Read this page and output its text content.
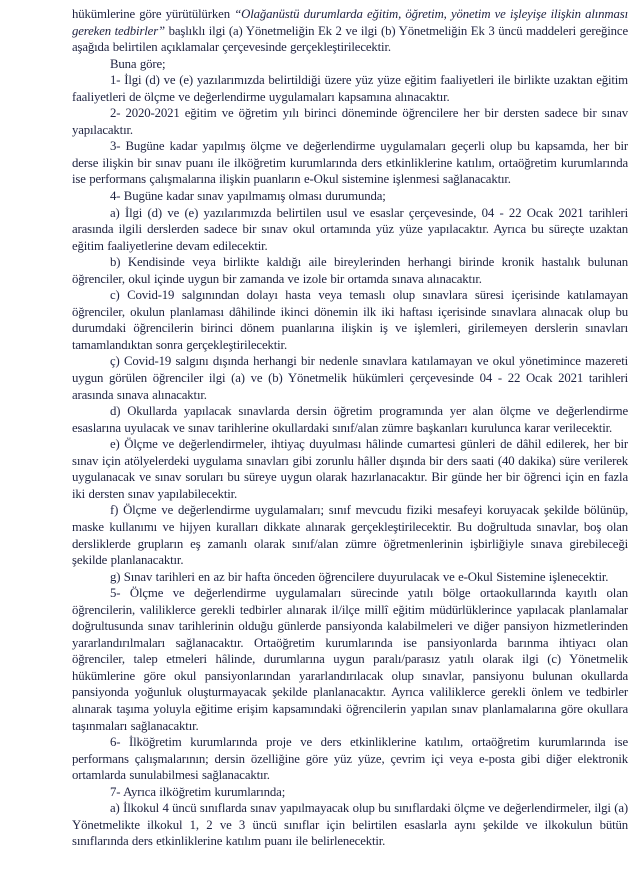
hükümlerine göre yürütülürken “Olağanüstü durumlarda eğitim, öğretim, yönetim ve işleyişe ilişkin alınması gereken tedbirler” başlıklı ilgi (a) Yönetmeliğin Ek 2 ve ilgi (b) Yönetmeliğin Ek 3 üncü maddeleri gereğince aşağıda belirtilen açıklamalar çerçevesinde gerçekleştirilecektir.

Buna göre;

1- İlgi (d) ve (e) yazılarımızda belirtildiği üzere yüz yüze eğitim faaliyetleri ile birlikte uzaktan eğitim faaliyetleri de ölçme ve değerlendirme uygulamaları kapsamına alınacaktır.

2- 2020-2021 eğitim ve öğretim yılı birinci döneminde öğrencilere her bir dersten sadece bir sınav yapılacaktır.

3- Bugüne kadar yapılmış ölçme ve değerlendirme uygulamaları geçerli olup bu kapsamda, her bir derse ilişkin bir sınav puanı ile ilköğretim kurumlarında ders etkinliklerine katılım, ortaöğretim kurumlarında ise performans çalışmalarına ilişkin puanların e-Okul sistemine işlenmesi sağlanacaktır.

4- Bugüne kadar sınav yapılmamış olması durumunda;

a) İlgi (d) ve (e) yazılarımızda belirtilen usul ve esaslar çerçevesinde, 04 - 22 Ocak 2021 tarihleri arasında ilgili derslerden sadece bir sınav okul ortamında yüz yüze yapılacaktır. Ayrıca bu süreçte uzaktan eğitim faaliyetlerine devam edilecektir.

b) Kendisinde veya birlikte kaldığı aile bireylerinden herhangi birinde kronik hastalık bulunan öğrenciler, okul içinde uygun bir zamanda ve izole bir ortamda sınava alınacaktır.

c) Covid-19 salgınından dolayı hasta veya temaslı olup sınavlara süresi içerisinde katılamayan öğrenciler, okulun planlaması dâhilinde ikinci dönemin ilk iki haftası içerisinde sınavlara alınacak olup bu durumdaki öğrencilerin birinci dönem puanlarına ilişkin iş ve işlemleri, girilemeyen derslerin sınavları tamamlandıktan sonra gerçekleştirilecektir.

ç) Covid-19 salgını dışında herhangi bir nedenle sınavlara katılamayan ve okul yönetimince mazereti uygun görülen öğrenciler ilgi (a) ve (b) Yönetmelik hükümleri çerçevesinde 04 - 22 Ocak 2021 tarihleri arasında sınava alınacaktır.

d) Okullarda yapılacak sınavlarda dersin öğretim programında yer alan ölçme ve değerlendirme esaslarına uyulacak ve sınav tarihlerine okullardaki sınıf/alan zümre başkanları kurulunca karar verilecektir.

e) Ölçme ve değerlendirmeler, ihtiyaç duyulması hâlinde cumartesi günleri de dâhil edilerek, her bir sınav için atölyelerdeki uygulama sınavları gibi zorunlu hâller dışında bir ders saati (40 dakika) süre verilerek uygulanacak ve sınav soruları bu süreye uygun olarak hazırlanacaktır. Bir günde her bir öğrenci için en fazla iki dersten sınav yapılabilecektir.

f) Ölçme ve değerlendirme uygulamaları; sınıf mevcudu fiziki mesafeyi koruyacak şekilde bölünüp, maske kullanımı ve hijyen kuralları dikkate alınarak gerçekleştirilecektir. Bu doğrultuda sınavlar, boş olan dersliklerde grupların eş zamanlı olarak sınıf/alan zümre öğretmenlerinin işbirliğiyle sınava girebileceği şekilde planlanacaktır.

g) Sınav tarihleri en az bir hafta önceden öğrencilere duyurulacak ve e-Okul Sistemine işlenecektir.

5- Ölçme ve değerlendirme uygulamaları sürecinde yatılı bölge ortaokullarında kayıtlı olan öğrencilerin, valiliklerce gerekli tedbirler alınarak il/ilçe millî eğitim müdürlüklerince yapılacak planlamalar doğrultusunda sınav tarihlerinin olduğu günlerde pansiyonda kalabilmeleri ve diğer pansiyon hizmetlerinden yararlandırılmaları sağlanacaktır. Ortaöğretim kurumlarında ise pansiyonlarda barınma ihtiyacı olan öğrenciler, talep etmeleri hâlinde, durumlarına uygun paralı/parasız yatılı olarak ilgi (c) Yönetmelik hükümlerine göre okul pansiyonlarından yararlandırılacak olup sınavlar, pansiyonu bulunan okullarda pansiyonda yoğunluk oluşturmayacak şekilde planlanacaktır. Ayrıca valiliklerce gerekli önlem ve tedbirler alınarak taşıma yoluyla eğitime erişim kapsamındaki öğrencilerin yapılan sınav planlamalarına göre okullara taşınmaları sağlanacaktır.

6- İlköğretim kurumlarında proje ve ders etkinliklerine katılım, ortaöğretim kurumlarında ise performans çalışmalarının; dersin özelliğine göre yüz yüze, çevrim içi veya e-posta gibi diğer elektronik ortamlarda sunulabilmesi sağlanacaktır.

7- Ayrıca ilköğretim kurumlarında;

a) İlkokul 4 üncü sınıflarda sınav yapılmayacak olup bu sınıflardaki ölçme ve değerlendirmeler, ilgi (a) Yönetmelikte ilkokul 1, 2 ve 3 üncü sınıflar için belirtilen esaslarla aynı şekilde ve ilkokulun bütün sınıflarında ders etkinliklerine katılım puanı ile belirlenecektir.
